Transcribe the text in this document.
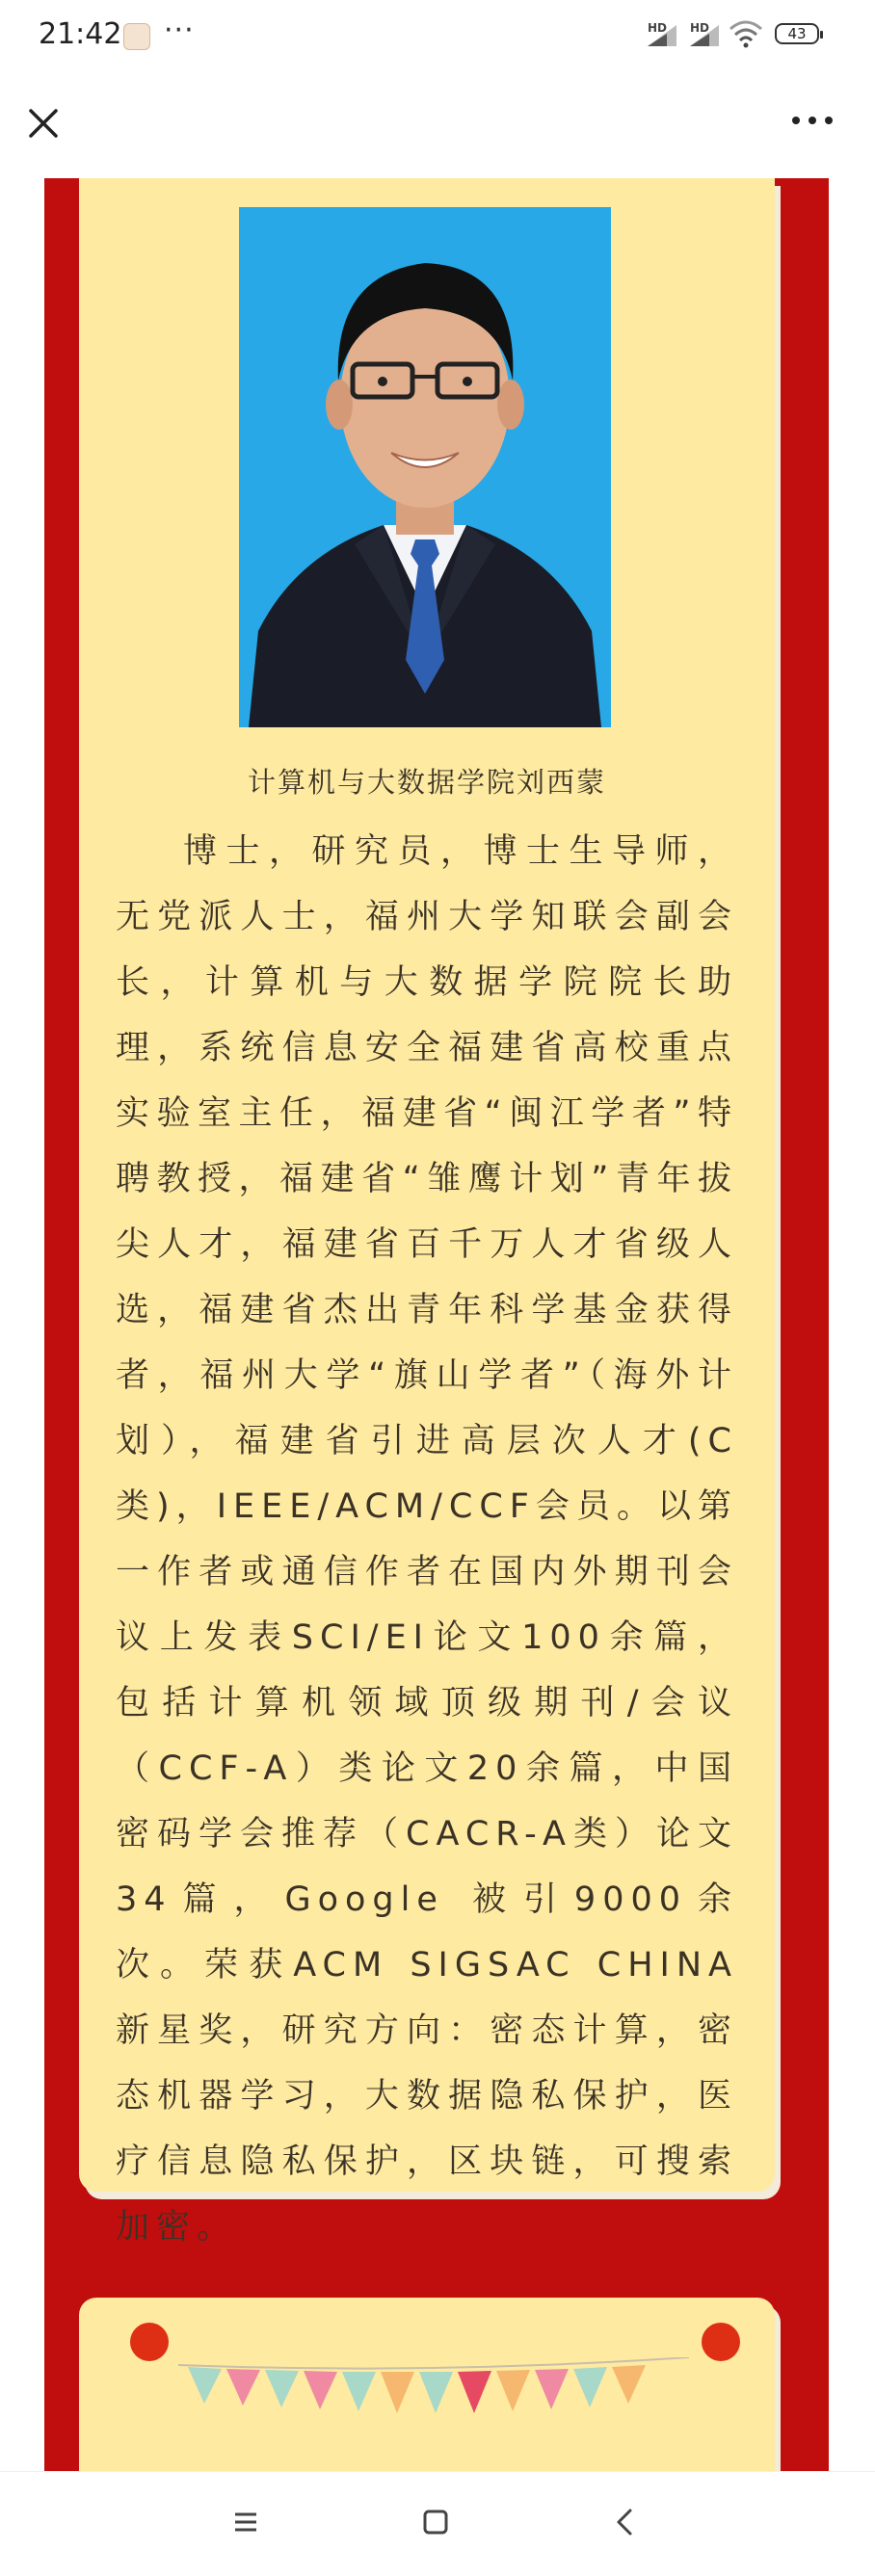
21:42 ···	HD HD	43
计算机与大数据学院刘西蒙

博士，研究员，博士生导师，无党派人士，福州大学知联会副会长，计算机与大数据学院院长助理，系统信息安全福建省高校重点实验室主任，福建省“闽江学者”特聘教授，福建省“雏鹰计划”青年拔尖人才，福建省百千万人才省级人选，福建省杰出青年科学基金获得者，福州大学“旗山学者”（海外计划），福建省引进高层次人才(C类)，IEEE/ACM/CCF会员。以第一作者或通信作者在国内外期刊会议上发表SCI/EI论文100余篇，包括计算机领域顶级期刊/会议（CCF-A）类论文20余篇，中国密码学会推荐（CACR-A类）论文34篇，Google 被引9000余次。荣获ACM SIGSAC CHINA 新星奖，研究方向：密态计算，密态机器学习，大数据隐私保护，医疗信息隐私保护，区块链，可搜索加密。
